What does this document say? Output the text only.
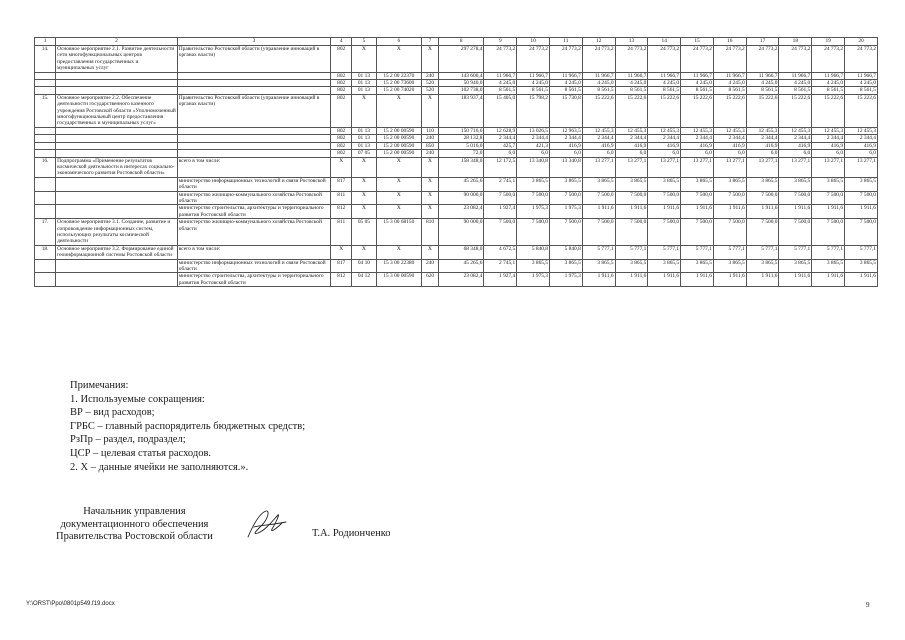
1	2	3	4	5	6	7	8	9	10	11	12	13	14	15	16	17	18	19	20
14.	Основное мероприятие 2.1. Развитие деятельности сети многофункциональных центров предоставления государственных и муниципальных услуг	Правительство Ростовской области (управление инноваций в органах власти)	802	Х	Х	Х	297 278,4	24 773,2	24 773,2	24 773,2	24 773,2	24 773,2	24 773,2	24 773,2	24 773,2	24 773,2	24 773,2	24 773,2	24 773,2
			802	01 13	15 2 00 22370	240	143 600,4	11 966,7	11 966,7	11 966,7	11 966,7	11 966,7	11 966,7	11 966,7	11 966,7	11 966,7	11 966,7	11 966,7	11 966,7
			802	01 13	15 2 00 73600	520	50 940,0	4 245,0	4 245,0	4 245,0	4 245,0	4 245,0	4 245,0	4 245,0	4 245,0	4 245,0	4 245,0	4 245,0	4 245,0
			802	01 13	15 2 00 74020	520	102 738,0	8 561,5	8 561,5	8 561,5	8 561,5	8 561,5	8 561,5	8 561,5	8 561,5	8 561,5	8 561,5	8 561,5	8 561,5
15.	Основное мероприятие 2.2. Обеспечение деятельности государственного казенного учреждения Ростовской области «Уполномоченный многофункциональный центр предоставления государственных и муниципальных услуг»	Правительство Ростовской области (управление инноваций в органах власти)	802	Х	Х	Х	183 937,4	15 405,0	15 798,2	15 730,8	15 222,6	15 222,6	15 222,6	15 222,6	15 222,6	15 222,6	15 222,6	15 222,6	15 222,6
			802	01 13	15 2 00 00590	110	150 716,6	12 628,9	13 026,5	12 963,5	12 455,3	12 455,3	12 455,3	12 455,3	12 455,3	12 455,3	12 455,3	12 455,3	12 455,3
			802	01 13	15 2 00 00590	240	28 132,8	2 344,4	2 344,4	2 344,4	2 344,4	2 344,4	2 344,4	2 344,4	2 344,4	2 344,4	2 344,4	2 344,4	2 344,4
			802	01 13	15 2 00 00590	850	5 016,0	425,7	421,3	416,9	416,9	416,9	416,9	416,9	416,9	416,9	416,9	416,9	416,9
			802	07 05	15 2 00 00590	240	72,0	6,0	6,0	6,0	6,0	6,0	6,0	6,0	6,0	6,0	6,0	6,0	6,0
16.	Подпрограмма «Применение результатов космической деятельности в интересах социально-экономического развития Ростовской области»	всего в том числе:	Х	Х	Х	Х	158 348,0	12 172,5	13 340,8	13 340,8	13 277,1	13 277,1	13 277,1	13 277,1	13 277,1	13 277,1	13 277,1	13 277,1	13 277,1
		министерство информационных технологий и связи Ростовской области	817	Х	Х	Х	45 265,6	2 745,1	3 865,5	3 865,5	3 865,5	3 865,5	3 865,5	3 865,5	3 865,5	3 865,5	3 865,5	3 865,5	3 865,5
		министерство жилищно-коммунального хозяйства Ростовской области	811	Х	Х	Х	90 000,0	7 500,0	7 500,0	7 500,0	7 500,0	7 500,0	7 500,0	7 500,0	7 500,0	7 500,0	7 500,0	7 500,0	7 500,0
		министерство строительства, архитектуры и территориального развития Ростовской области	812	Х	Х	Х	23 082,4	1 927,4	1 975,3	1 975,3	1 911,6	1 911,6	1 911,6	1 911,6	1 911,6	1 911,6	1 911,6	1 911,6	1 911,6
17.	Основное мероприятие 3.1. Создание, развитие и сопровождение информационных систем, использующих результаты космической деятельности	министерство жилищно-коммунального хозяйства Ростовской области	811	05 05	15 3 00 68150	810	90 000,0	7 500,0	7 500,0	7 500,0	7 500,0	7 500,0	7 500,0	7 500,0	7 500,0	7 500,0	7 500,0	7 500,0	7 500,0
18.	Основное мероприятие 3.2. Формирование единой геоинформационной системы Ростовской области	всего в том числе:	Х	Х	Х	Х	68 348,0	4 672,5	5 840,8	5 840,8	5 777,1	5 777,1	5 777,1	5 777,1	5 777,1	5 777,1	5 777,1	5 777,1	5 777,1
		министерство информационных технологий и связи Ростовской области	817	04 10	15 3 00 22380	240	45 265,6	2 745,1	3 865,5	3 865,5	3 865,5	3 865,5	3 865,5	3 865,5	3 865,5	3 865,5	3 865,5	3 865,5	3 865,5
		министерство строительства, архитектуры и территориального развития Ростовской области	812	04 12	15 3 00 00590	620	23 082,4	1 927,4	1 975,3	1 975,3	1 911,6	1 911,6	1 911,6	1 911,6	1 911,6	1 911,6	1 911,6	1 911,6	1 911,6
Примечания:
1. Используемые сокращения:
ВР – вид расходов;
ГРБС – главный распорядитель бюджетных средств;
РзПр – раздел, подраздел;
ЦСР – целевая статья расходов.
2. Х – данные ячейки не заполняются.».
Начальник управления
документационного обеспечения
Правительства Ростовской области	Т.А. Родионченко
Y:\ORST\Ppo\0801p549.f19.docx	9
